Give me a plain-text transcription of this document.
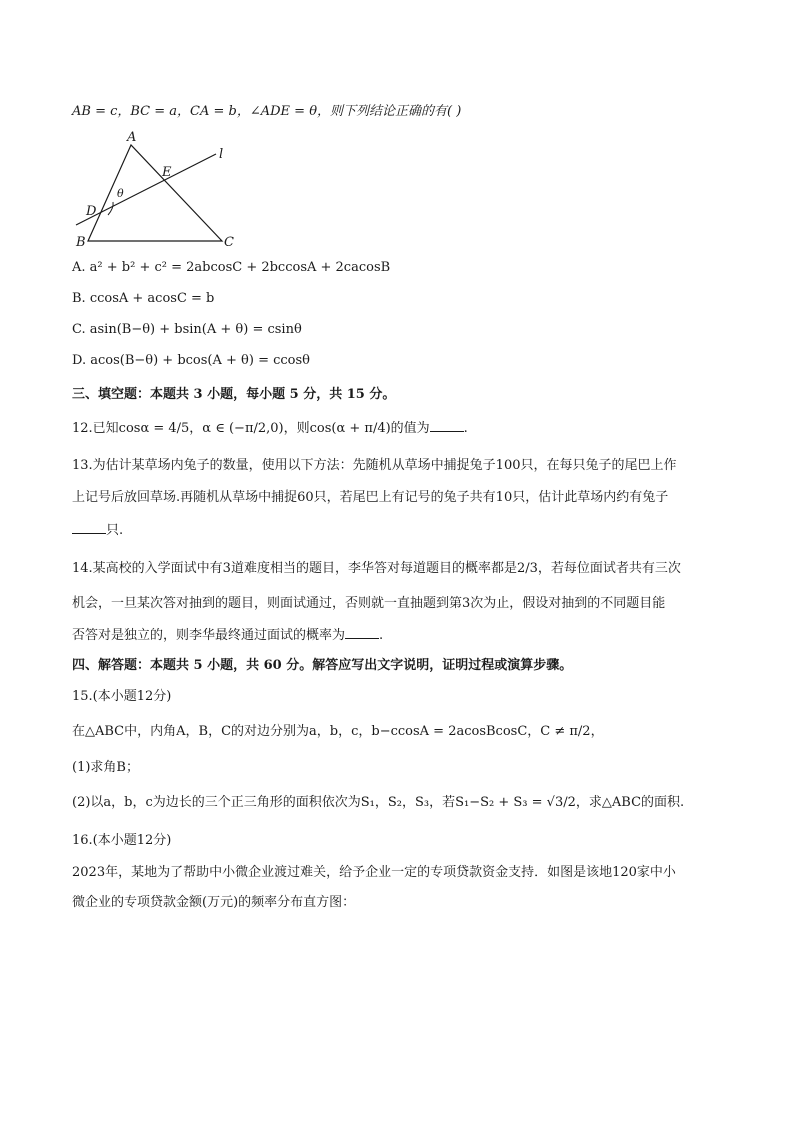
AB = c，BC = a，CA = b，∠ADE = θ，则下列结论正确的有( )
A
B	C
D
E
l
θ
A. a² + b² + c² = 2abcosC + 2bccosA + 2cacosB
B. ccosA + acosC = b
C. asin(B−θ) + bsin(A + θ) = csinθ
D. acos(B−θ) + bcos(A + θ) = ccosθ
三、填空题：本题共 3 小题，每小题 5 分，共 15 分。
12.已知cosα = 4/5，α ∈ (−π/2,0)，则cos(α + π/4)的值为	.
13.为估计某草场内兔子的数量，使用以下方法：先随机从草场中捕捉兔子100只，在每只兔子的尾巴上作
上记号后放回草场.再随机从草场中捕捉60只，若尾巴上有记号的兔子共有10只，估计此草场内约有兔子
只.
14.某高校的入学面试中有3道难度相当的题目，李华答对每道题目的概率都是2/3，若每位面试者共有三次
机会，一旦某次答对抽到的题目，则面试通过，否则就一直抽题到第3次为止，假设对抽到的不同题目能
否答对是独立的，则李华最终通过面试的概率为	.
四、解答题：本题共 5 小题，共 60 分。解答应写出文字说明，证明过程或演算步骤。
15.(本小题12分)
在△ABC中，内角A，B，C的对边分别为a，b，c，b−ccosA = 2acosBcosC，C ≠ π/2，
(1)求角B；
(2)以a，b，c为边长的三个正三角形的面积依次为S₁，S₂，S₃，若S₁−S₂ + S₃ = √3/2，求△ABC的面积.
16.(本小题12分)
2023年，某地为了帮助中小微企业渡过难关，给予企业一定的专项贷款资金支持．如图是该地120家中小
微企业的专项贷款金额(万元)的频率分布直方图：
